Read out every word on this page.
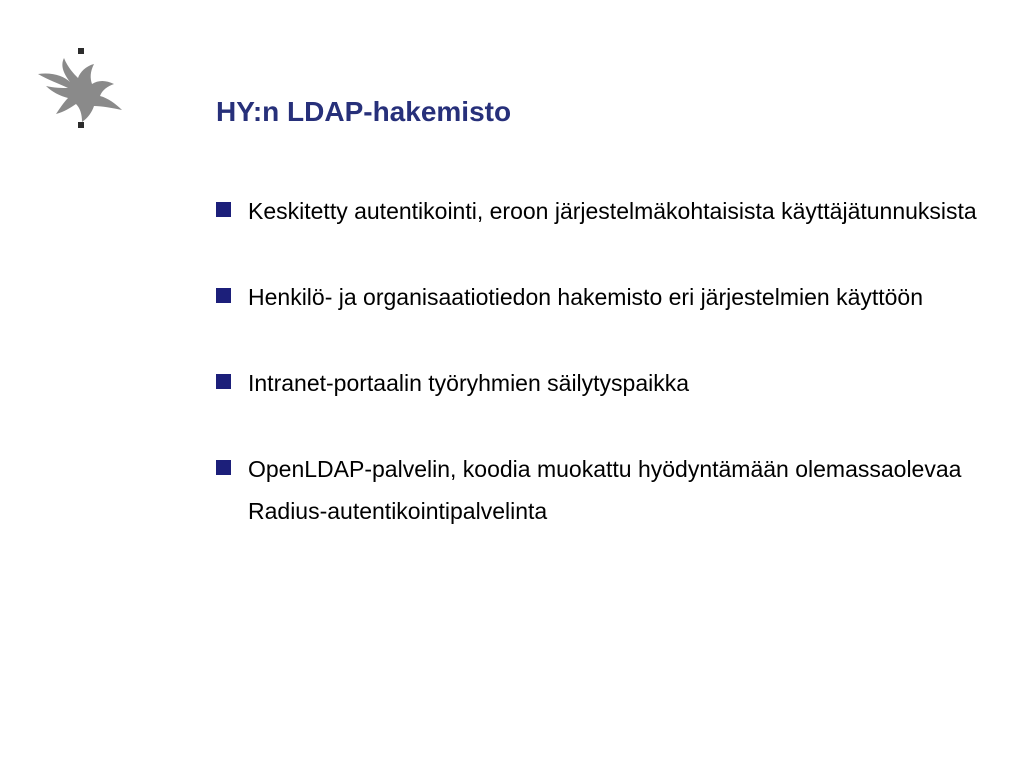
HY:n LDAP-hakemisto
Keskitetty autentikointi, eroon järjestelmäkohtaisista käyttäjätunnuksista
Henkilö- ja organisaatiotiedon hakemisto eri järjestelmien käyttöön
Intranet-portaalin työryhmien säilytyspaikka
OpenLDAP-palvelin, koodia muokattu hyödyntämään olemassaolevaa Radius-autentikointipalvelinta
